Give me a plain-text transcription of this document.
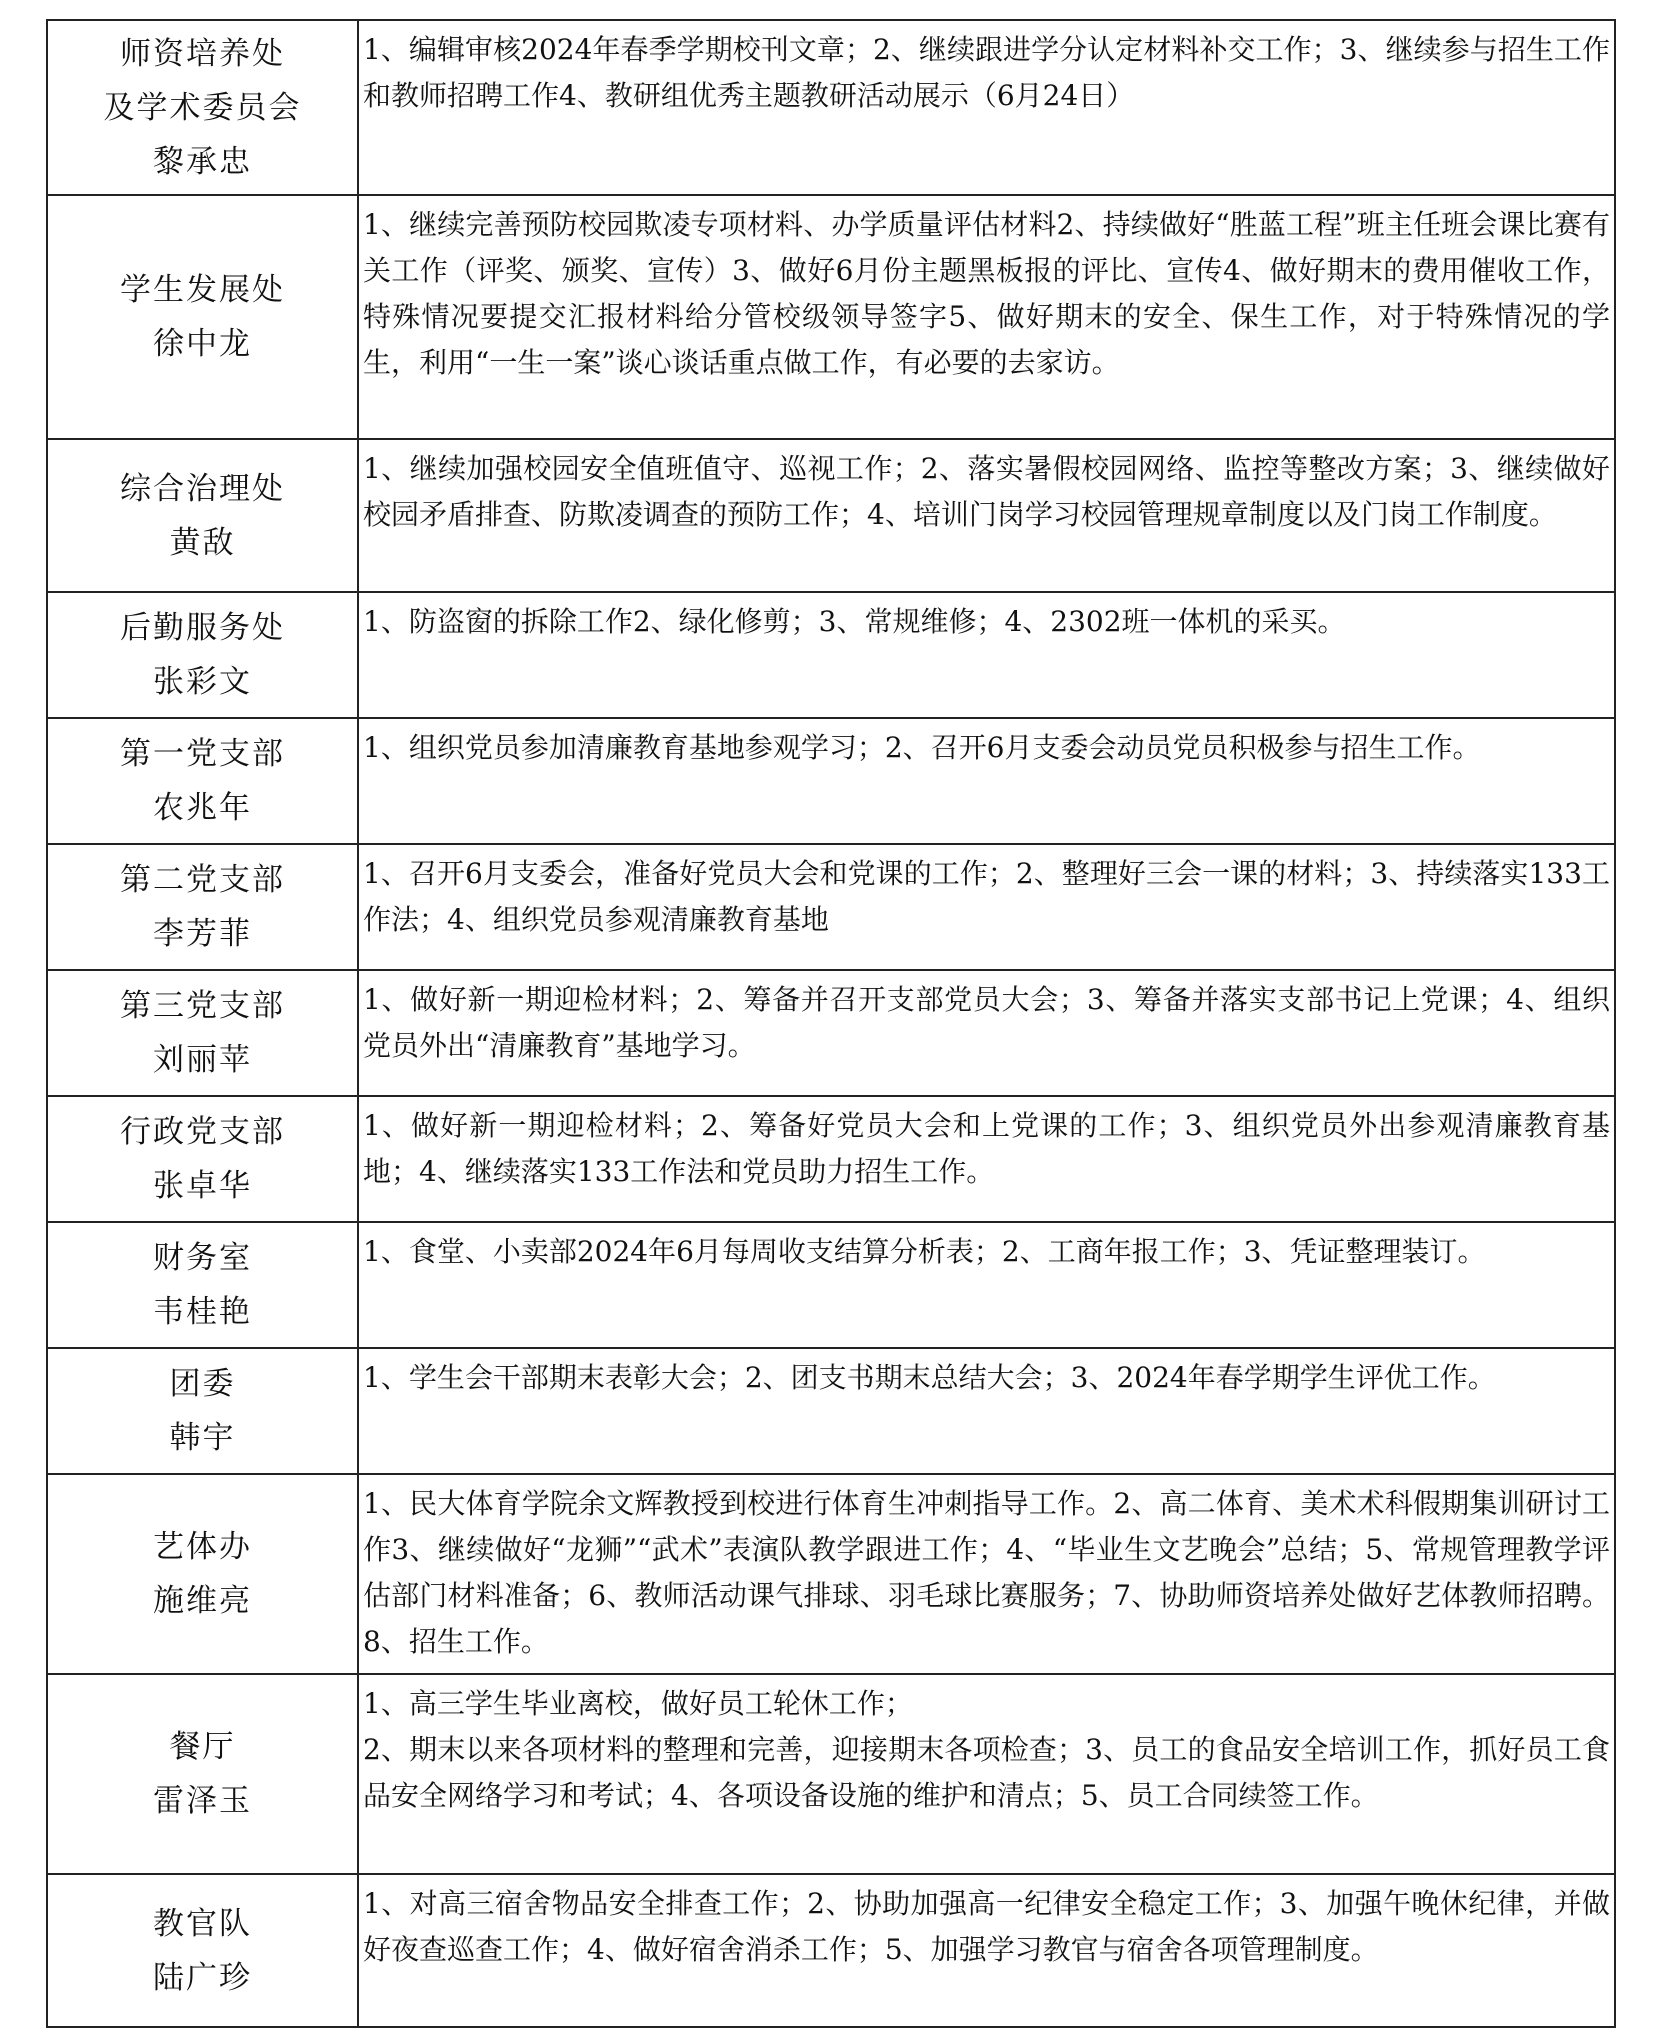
师资培养处
及学术委员会
黎承忠	1、编辑审核2024年春季学期校刊文章；2、继续跟进学分认定材料补交工作；3、继续参与招生工作和教师招聘工作4、教研组优秀主题教研活动展示（6月24日）

学生发展处
徐中龙	1、继续完善预防校园欺凌专项材料、办学质量评估材料2、持续做好“胜蓝工程”班主任班会课比赛有关工作（评奖、颁奖、宣传）3、做好6月份主题黑板报的评比、宣传4、做好期末的费用催收工作，特殊情况要提交汇报材料给分管校级领导签字5、做好期末的安全、保生工作，对于特殊情况的学生，利用“一生一案”谈心谈话重点做工作，有必要的去家访。

综合治理处
黄敌	1、继续加强校园安全值班值守、巡视工作；2、落实暑假校园网络、监控等整改方案；3、继续做好校园矛盾排查、防欺凌调查的预防工作；4、培训门岗学习校园管理规章制度以及门岗工作制度。

后勤服务处
张彩文	1、防盗窗的拆除工作2、绿化修剪；3、常规维修；4、2302班一体机的采买。

第一党支部
农兆年	1、组织党员参加清廉教育基地参观学习；2、召开6月支委会动员党员积极参与招生工作。

第二党支部
李芳菲	1、召开6月支委会，准备好党员大会和党课的工作；2、整理好三会一课的材料；3、持续落实133工作法；4、组织党员参观清廉教育基地

第三党支部
刘丽苹	1、做好新一期迎检材料；2、筹备并召开支部党员大会；3、筹备并落实支部书记上党课；4、组织党员外出“清廉教育”基地学习。

行政党支部
张卓华	1、做好新一期迎检材料；2、筹备好党员大会和上党课的工作；3、组织党员外出参观清廉教育基地；4、继续落实133工作法和党员助力招生工作。

财务室
韦桂艳	1、食堂、小卖部2024年6月每周收支结算分析表；2、工商年报工作；3、凭证整理装订。

团委
韩宇	1、学生会干部期末表彰大会；2、团支书期末总结大会；3、2024年春学期学生评优工作。

艺体办
施维亮	1、民大体育学院余文辉教授到校进行体育生冲刺指导工作。2、高二体育、美术术科假期集训研讨工作3、继续做好“龙狮”“武术”表演队教学跟进工作；4、“毕业生文艺晚会”总结；5、常规管理教学评估部门材料准备；6、教师活动课气排球、羽毛球比赛服务；7、协助师资培养处做好艺体教师招聘。8、招生工作。

餐厅
雷泽玉	1、高三学生毕业离校，做好员工轮休工作；
2、期末以来各项材料的整理和完善，迎接期末各项检查；3、员工的食品安全培训工作，抓好员工食品安全网络学习和考试；4、各项设备设施的维护和清点；5、员工合同续签工作。

教官队
陆广珍	1、对高三宿舍物品安全排查工作；2、协助加强高一纪律安全稳定工作；3、加强午晚休纪律，并做好夜查巡查工作；4、做好宿舍消杀工作；5、加强学习教官与宿舍各项管理制度。
